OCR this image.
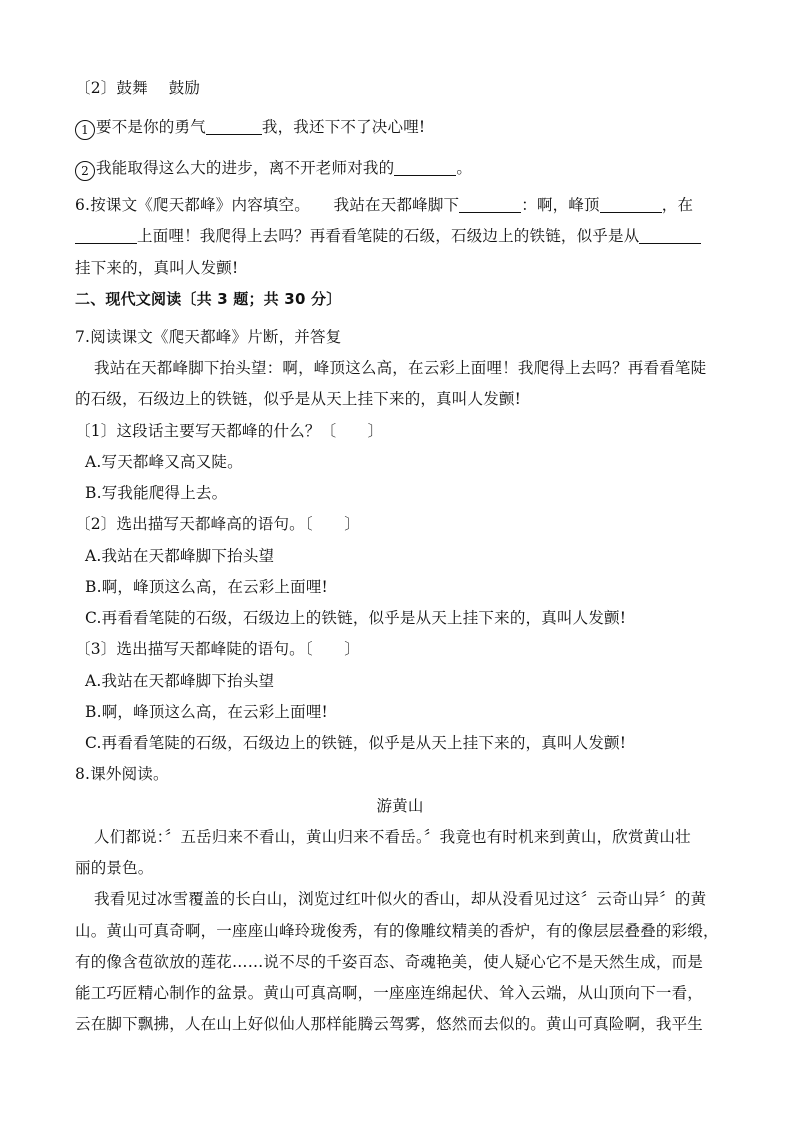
〔2〕鼓舞　 鼓励
1 要不是你的勇气	我，我还下不了决心哩!
2 我能取得这么大的进步，离不开老师对我的	。
6.按课文《爬天都峰》内容填空。　　我站在天都峰脚下	：啊，峰顶	，在
上面哩！我爬得上去吗？再看看笔陡的石级，石级边上的铁链，似乎是从
挂下来的，真叫人发颤!
二、现代文阅读〔共 3 题；共 30 分〕
7.阅读课文《爬天都峰》片断，并答复
我站在天都峰脚下抬头望：啊，峰顶这么高，在云彩上面哩！我爬得上去吗？再看看笔陡
的石级，石级边上的铁链，似乎是从天上挂下来的，真叫人发颤!
〔1〕这段话主要写天都峰的什么？〔　　〕
A.写天都峰又高又陡。
B.写我能爬得上去。
〔2〕选出描写天都峰高的语句。〔　　〕
A.我站在天都峰脚下抬头望
B.啊，峰顶这么高，在云彩上面哩!
C.再看看笔陡的石级，石级边上的铁链，似乎是从天上挂下来的，真叫人发颤!
〔3〕选出描写天都峰陡的语句。〔　　〕
A.我站在天都峰脚下抬头望
B.啊，峰顶这么高，在云彩上面哩!
C.再看看笔陡的石级，石级边上的铁链，似乎是从天上挂下来的，真叫人发颤!
8.课外阅读。
游黄山
人们都说：〞五岳归来不看山，黄山归来不看岳。〞我竟也有时机来到黄山，欣赏黄山壮
丽的景色。
我看见过冰雪覆盖的长白山，浏览过红叶似火的香山，却从没看见过这〞云奇山异〞的黄
山。黄山可真奇啊，一座座山峰玲珑俊秀，有的像雕纹精美的香炉，有的像层层叠叠的彩缎，
有的像含苞欲放的莲花……说不尽的千姿百态、奇魂艳美，使人疑心它不是天然生成，而是
能工巧匠精心制作的盆景。黄山可真高啊，一座座连绵起伏、耸入云端，从山顶向下一看，
云在脚下飘拂，人在山上好似仙人那样能腾云驾雾，悠然而去似的。黄山可真险啊，我平生
